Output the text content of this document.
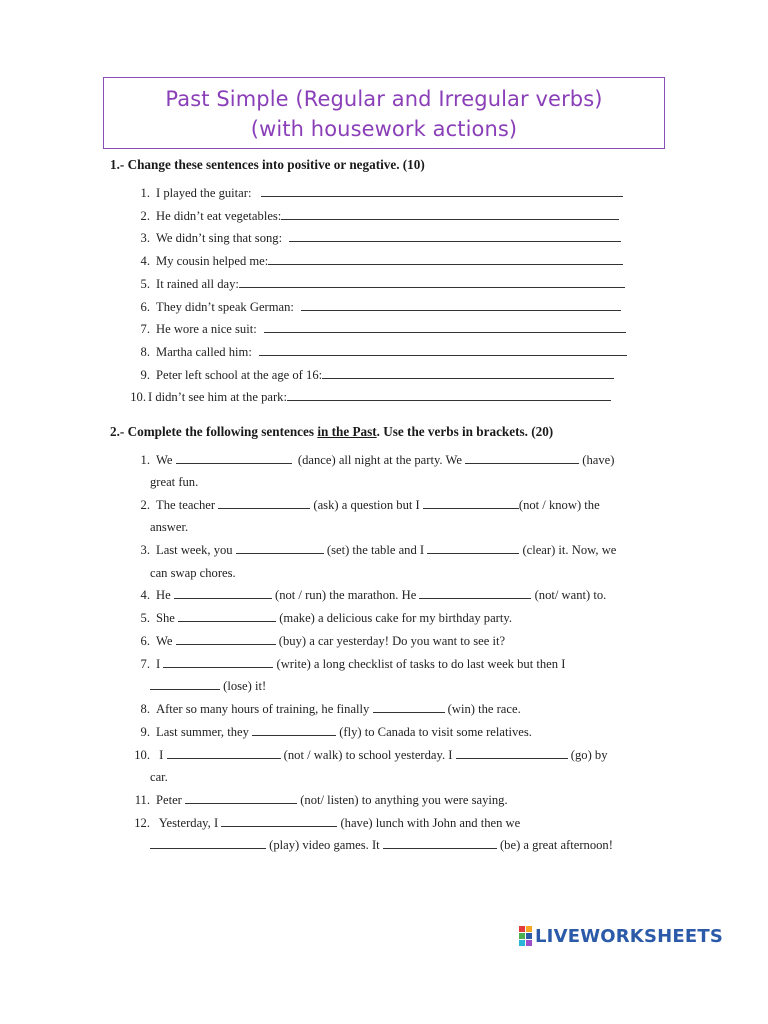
Past Simple (Regular and Irregular verbs)
(with housework actions)
1.- Change these sentences into positive or negative. (10)
1. I played the guitar:
2. He didn’t eat vegetables:
3. We didn’t sing that song:
4. My cousin helped me:
5. It rained all day:
6. They didn’t speak German:
7. He wore a nice suit:
8. Martha called him:
9. Peter left school at the age of 16:
10. I didn’t see him at the park:
2.- Complete the following sentences in the Past. Use the verbs in brackets. (20)
1. We	(dance) all night at the party. We	(have)
great fun.
2. The teacher	(ask) a question but I	(not / know) the
answer.
3. Last week, you	(set) the table and I	(clear) it. Now, we
can swap chores.
4. He	(not / run) the marathon. He	(not/ want) to.
5. She	(make) a delicious cake for my birthday party.
6. We	(buy) a car yesterday! Do you want to see it?
7. I	(write) a long checklist of tasks to do last week but then I
(lose) it!
8. After so many hours of training, he finally	(win) the race.
9. Last summer, they	(fly) to Canada to visit some relatives.
10. I	(not / walk) to school yesterday. I	(go) by
car.
11. Peter	(not/ listen) to anything you were saying.
12. Yesterday, I	(have) lunch with John and then we
(play) video games. It	(be) a great afternoon!
LIVEWORKSHEETS
